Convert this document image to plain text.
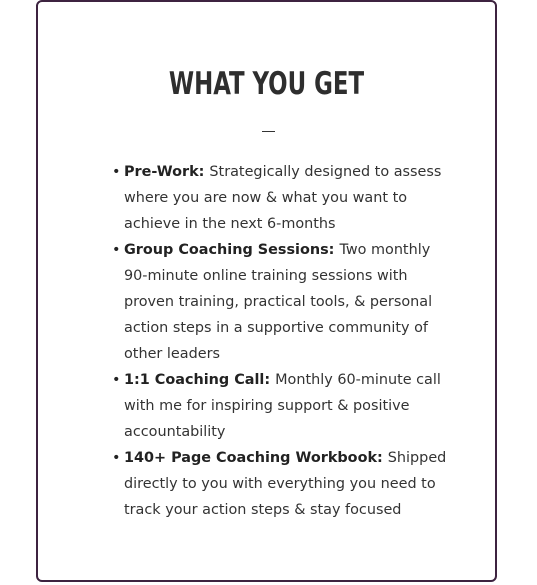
WHAT YOU GET
• Pre-Work: Strategically designed to assess where you are now & what you want to achieve in the next 6-months
• Group Coaching Sessions: Two monthly 90-minute online training sessions with proven training, practical tools, & personal action steps in a supportive community of other leaders
• 1:1 Coaching Call: Monthly 60-minute call with me for inspiring support & positive accountability
• 140+ Page Coaching Workbook: Shipped directly to you with everything you need to track your action steps & stay focused
